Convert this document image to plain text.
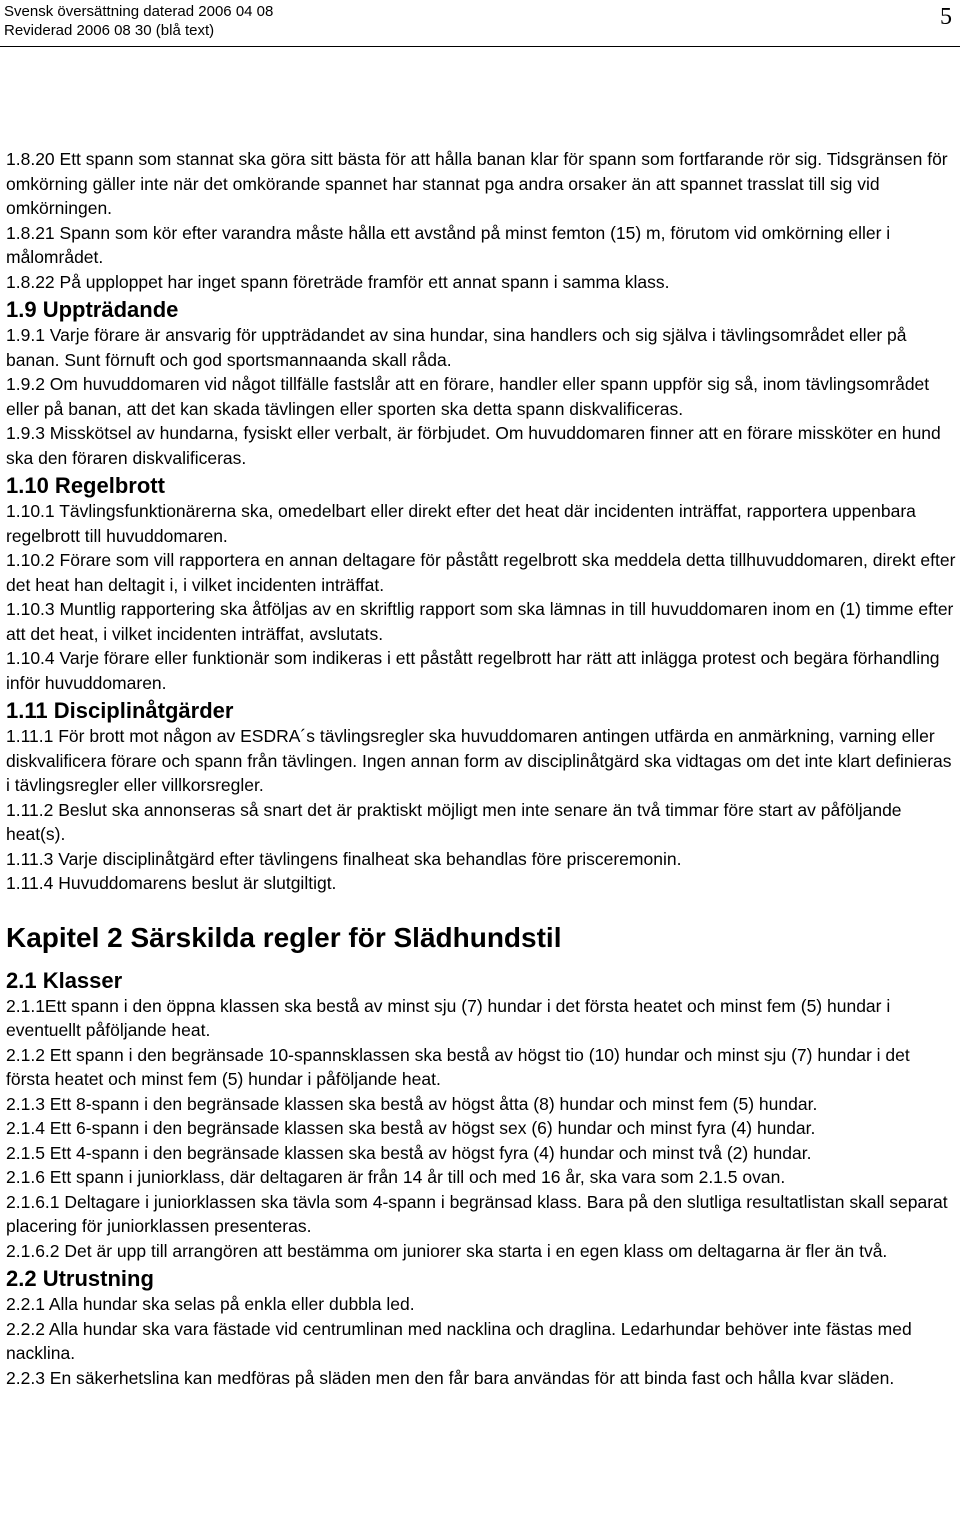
Svensk översättning daterad 2006 04 08
Reviderad 2006 08 30 (blå text)
5

1.8.20 Ett spann som stannat ska göra sitt bästa för att hålla banan klar för spann som fortfarande rör sig. Tidsgränsen för omkörning gäller inte när det omkörande spannet har stannat pga andra orsaker än att spannet trasslat till sig vid omkörningen.

1.8.21 Spann som kör efter varandra måste hålla ett avstånd på minst femton (15) m, förutom vid omkörning eller i målområdet.

1.8.22 På upploppet har inget spann företräde framför ett annat spann i samma klass.

1.9 Uppträdande

1.9.1 Varje förare är ansvarig för uppträdandet av sina hundar, sina handlers och sig själva i tävlingsområdet eller på banan. Sunt förnuft och god sportsmannaanda skall råda.

1.9.2 Om huvuddomaren vid något tillfälle fastslår att en förare, handler eller spann uppför sig så, inom tävlingsområdet eller på banan, att det kan skada tävlingen eller sporten ska detta spann diskvalificeras.

1.9.3 Misskötsel av hundarna, fysiskt eller verbalt, är förbjudet. Om huvuddomaren finner att en förare missköter en hund ska den föraren diskvalificeras.

1.10 Regelbrott

1.10.1 Tävlingsfunktionärerna ska, omedelbart eller direkt efter det heat där incidenten inträffat, rapportera uppenbara regelbrott till huvuddomaren.

1.10.2 Förare som vill rapportera en annan deltagare för påstått regelbrott ska meddela detta tillhuvuddomaren, direkt efter det heat han deltagit i, i vilket incidenten inträffat.

1.10.3 Muntlig rapportering ska åtföljas av en skriftlig rapport som ska lämnas in till huvuddomaren inom en (1) timme efter att det heat, i vilket incidenten inträffat, avslutats.

1.10.4 Varje förare eller funktionär som indikeras i ett påstått regelbrott har rätt att inlägga protest och begära förhandling inför huvuddomaren.

1.11 Disciplinåtgärder

1.11.1 För brott mot någon av ESDRA´s tävlingsregler ska huvuddomaren antingen utfärda en anmärkning, varning eller diskvalificera förare och spann från tävlingen. Ingen annan form av disciplinåtgärd ska vidtagas om det inte klart definieras i tävlingsregler eller villkorsregler.

1.11.2 Beslut ska annonseras så snart det är praktiskt möjligt men inte senare än två timmar före start av påföljande heat(s).

1.11.3 Varje disciplinåtgärd efter tävlingens finalheat ska behandlas före prisceremonin.

1.11.4 Huvuddomarens beslut är slutgiltigt.

Kapitel 2 Särskilda regler för Slädhundstil
2.1 Klasser

2.1.1Ett spann i den öppna klassen ska bestå av minst sju (7) hundar i det första heatet och minst fem (5) hundar i eventuellt påföljande heat.

2.1.2 Ett spann i den begränsade 10-spannsklassen ska bestå av högst tio (10) hundar och minst sju (7) hundar i det första heatet och minst fem (5) hundar i påföljande heat.

2.1.3 Ett 8-spann i den begränsade klassen ska bestå av högst åtta (8) hundar och minst fem (5) hundar.

2.1.4 Ett 6-spann i den begränsade klassen ska bestå av högst sex (6) hundar och minst fyra (4) hundar.

2.1.5 Ett 4-spann i den begränsade klassen ska bestå av högst fyra (4) hundar och minst två (2) hundar.

2.1.6 Ett spann i juniorklass, där deltagaren är från 14 år till och med 16 år, ska vara som 2.1.5 ovan.

2.1.6.1 Deltagare i juniorklassen ska tävla som 4-spann i begränsad klass. Bara på den slutliga resultatlistan skall separat placering för juniorklassen presenteras.

2.1.6.2 Det är upp till arrangören att bestämma om juniorer ska starta i en egen klass om deltagarna är fler än två.

2.2 Utrustning

2.2.1 Alla hundar ska selas på enkla eller dubbla led.

2.2.2 Alla hundar ska vara fästade vid centrumlinan med nacklina och draglina. Ledarhundar behöver inte fästas med nacklina.

2.2.3 En säkerhetslina kan medföras på släden men den får bara användas för att binda fast och hålla kvar släden.
